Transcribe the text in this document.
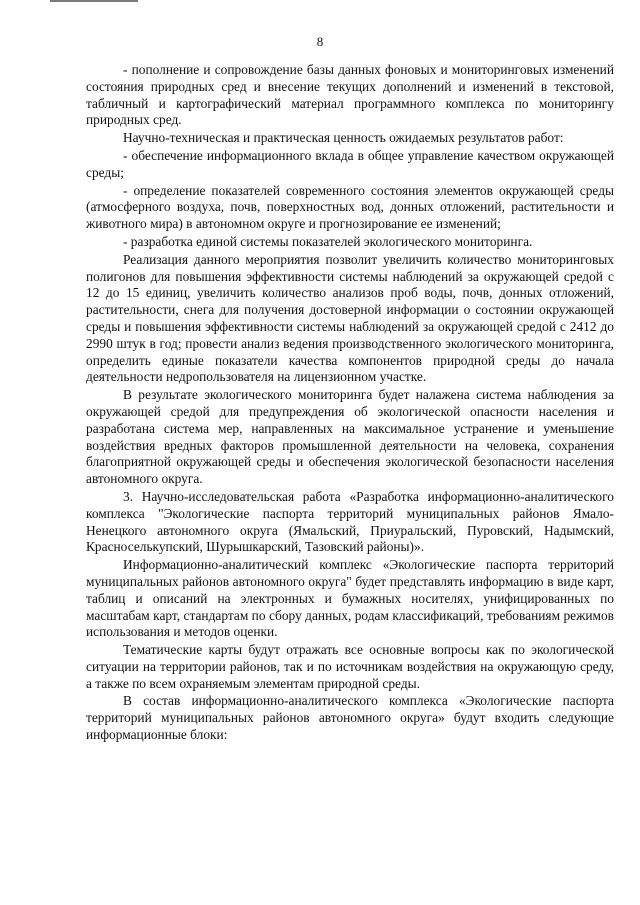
8

- пополнение и сопровождение базы данных фоновых и мониторинговых изменений состояния природных сред и внесение текущих дополнений и изменений в текстовой, табличный и картографический материал программного комплекса по мониторингу природных сред.

Научно-техническая и практическая ценность ожидаемых результатов работ:

- обеспечение информационного вклада в общее управление качеством окружающей среды;

- определение показателей современного состояния элементов окружающей среды (атмосферного воздуха, почв, поверхностных вод, донных отложений, растительности и животного мира) в автономном округе и прогнозирование ее изменений;

- разработка единой системы показателей экологического мониторинга.

Реализация данного мероприятия позволит увеличить количество мониторинговых полигонов для повышения эффективности системы наблюдений за окружающей средой с 12 до 15 единиц, увеличить количество анализов проб воды, почв, донных отложений, растительности, снега для получения достоверной информации о состоянии окружающей среды и повышения эффективности системы наблюдений за окружающей средой с 2412 до 2990 штук в год; провести анализ ведения производственного экологического мониторинга, определить единые показатели качества компонентов природной среды до начала деятельности недропользователя на лицензионном участке.

В результате экологического мониторинга будет налажена система наблюдения за окружающей средой для предупреждения об экологической опасности населения и разработана система мер, направленных на максимальное устранение и уменьшение воздействия вредных факторов промышленной деятельности на человека, сохранения благоприятной окружающей среды и обеспечения экологической безопасности населения автономного округа.

3. Научно-исследовательская работа «Разработка информационно-аналитического комплекса "Экологические паспорта территорий муниципальных районов Ямало-Ненецкого автономного округа (Ямальский, Приуральский, Пуровский, Надымский, Красноселькупский, Шурышкарский, Тазовский районы)».

Информационно-аналитический комплекс «Экологические паспорта территорий муниципальных районов автономного округа" будет представлять информацию в виде карт, таблиц и описаний на электронных и бумажных носителях, унифицированных по масштабам карт, стандартам по сбору данных, родам классификаций, требованиям режимов использования и методов оценки.

Тематические карты будут отражать все основные вопросы как по экологической ситуации на территории районов, так и по источникам воздействия на окружающую среду, а также по всем охраняемым элементам природной среды.

В состав информационно-аналитического комплекса «Экологические паспорта территорий муниципальных районов автономного округа» будут входить следующие информационные блоки:
